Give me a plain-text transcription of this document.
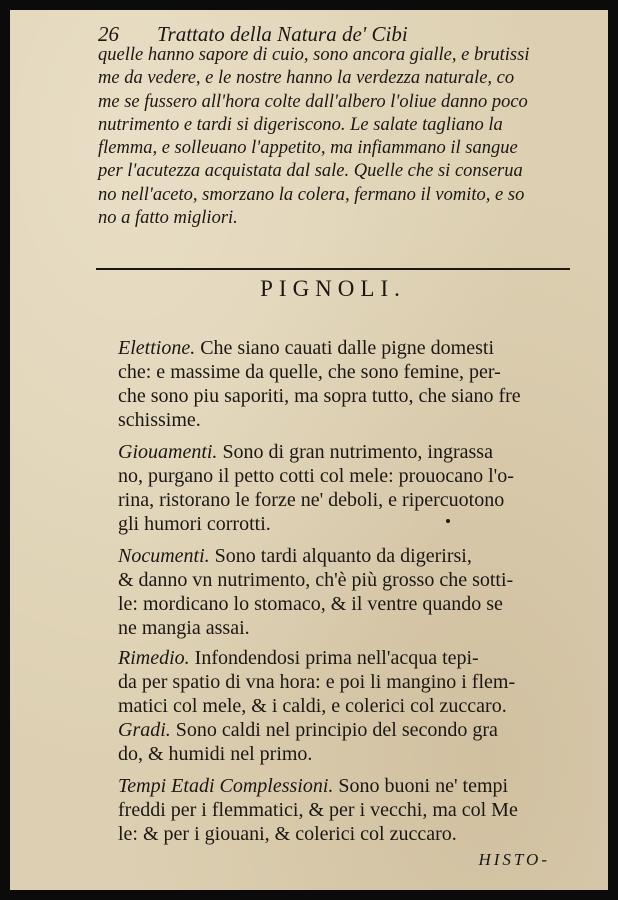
26 Trattato della Natura de' Cibi

quelle hanno sapore di cuio, sono ancora gialle, e brutissi
me da vedere, e le nostre hanno la verdezza naturale, co
me se fussero all'hora colte dall'albero l'oliue danno poco
nutrimento e tardi si digeriscono. Le salate tagliano la
flemma, e solleuano l'appetito, ma infiammano il sangue
per l'acutezza acquistata dal sale. Quelle che si conserua
no nell'aceto, smorzano la colera, fermano il vomito, e so
no a fatto migliori.

PIGNOLI.

Elettione. Che siano cauati dalle pigne domesti
che: e massime da quelle, che sono femine, per-
che sono piu saporiti, ma sopra tutto, che siano fre
schissime.

Giouamenti. Sono di gran nutrimento, ingrassa
no, purgano il petto cotti col mele: prouocano l'o-
rina, ristorano le forze ne' deboli, e ripercuotono
gli humori corrotti.

Nocumenti. Sono tardi alquanto da digerirsi,
& danno vn nutrimento, ch'è più grosso che sotti-
le: mordicano lo stomaco, & il ventre quando se
ne mangia assai.

Rimedio. Infondendosi prima nell'acqua tepi-
da per spatio di vna hora: e poi li mangino i flem-
matici col mele, & i caldi, e colerici col zuccaro.

Gradi. Sono caldi nel principio del secondo gra
do, & humidi nel primo.

Tempi Etadi Complessioni. Sono buoni ne' tempi
freddi per i flemmatici, & per i vecchi, ma col Me
le: & per i giouani, & colerici col zuccaro.

HISTO-
